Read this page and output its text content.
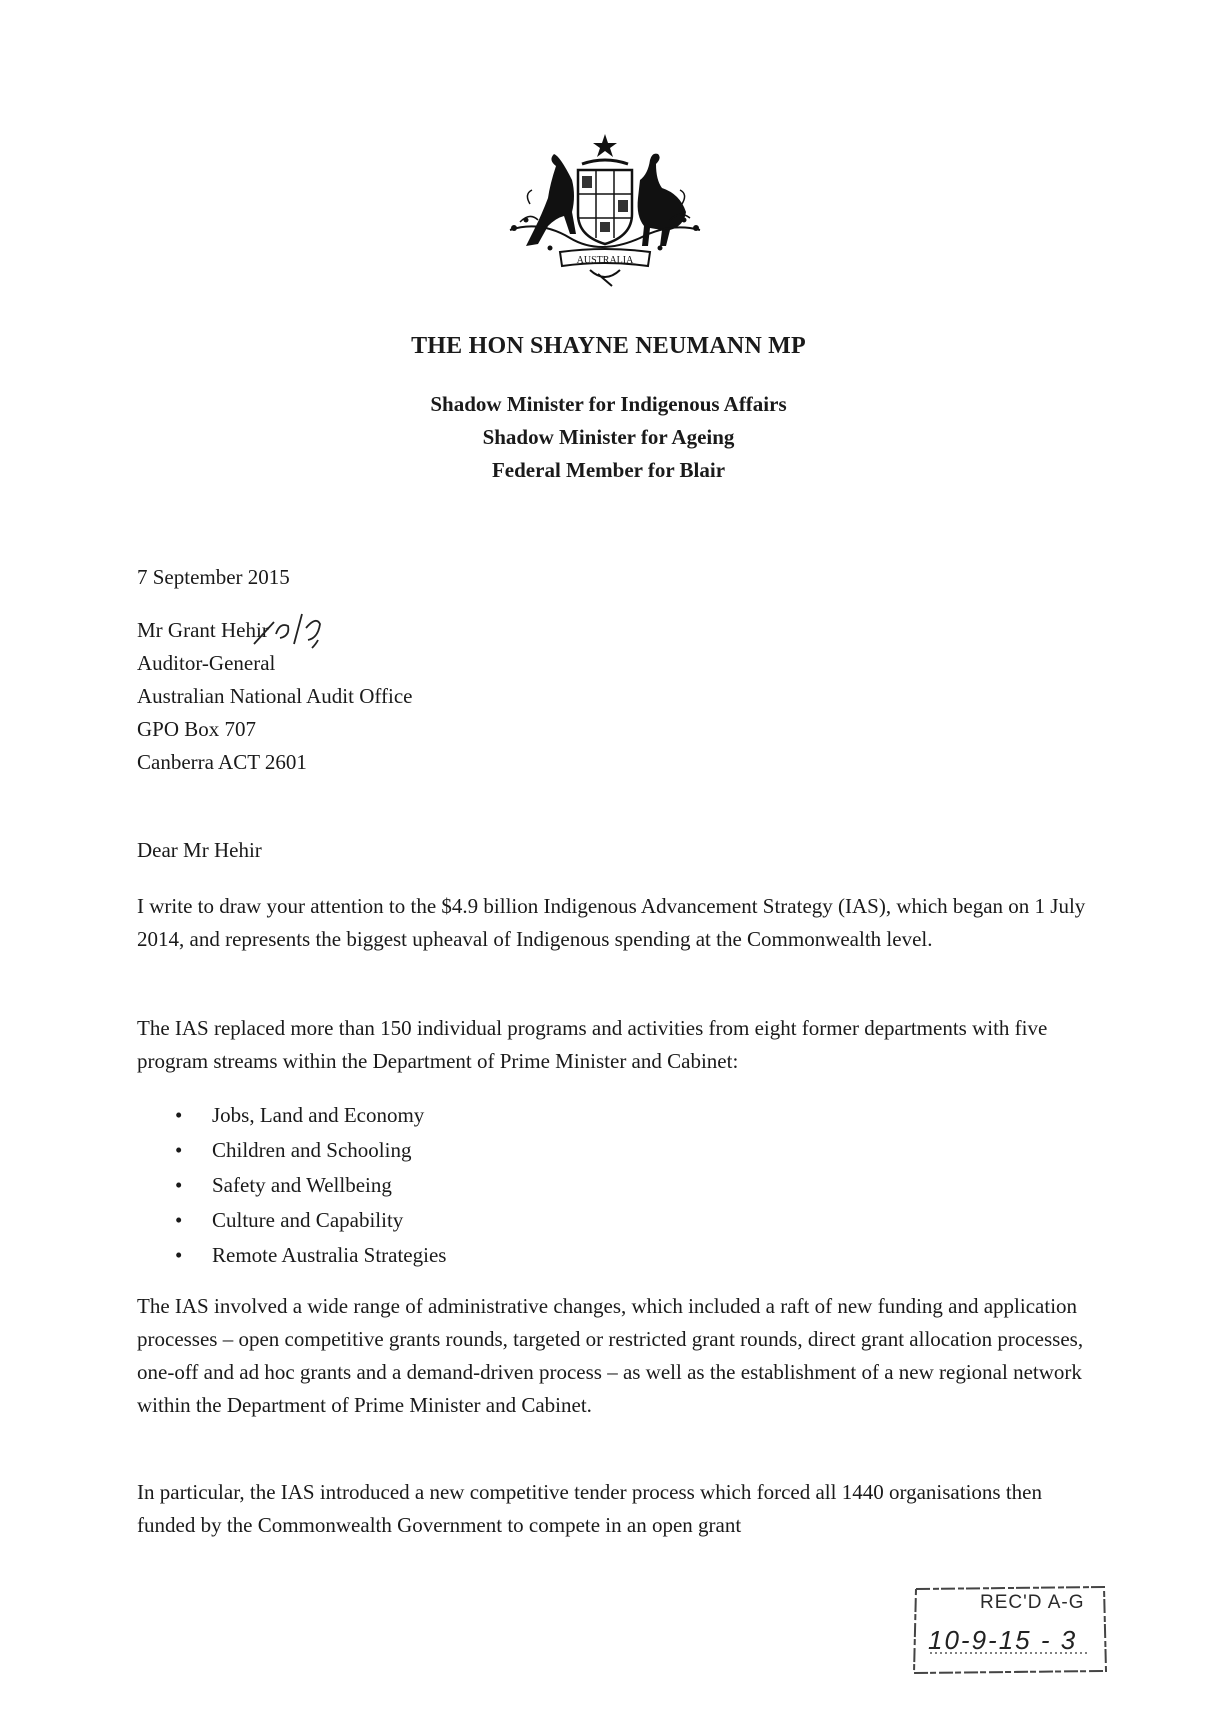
AUSTRALIA
THE HON SHAYNE NEUMANN MP
Shadow Minister for Indigenous Affairs
Shadow Minister for Ageing
Federal Member for Blair
7 September 2015
Mr Grant Hehir
Auditor-General
Australian National Audit Office
GPO Box 707
Canberra ACT 2601
Dear Mr Hehir
I write to draw your attention to the $4.9 billion Indigenous Advancement Strategy (IAS), which began on 1 July 2014, and represents the biggest upheaval of Indigenous spending at the Commonwealth level.
The IAS replaced more than 150 individual programs and activities from eight former departments with five program streams within the Department of Prime Minister and Cabinet:
• Jobs, Land and Economy
• Children and Schooling
• Safety and Wellbeing
• Culture and Capability
• Remote Australia Strategies
The IAS involved a wide range of administrative changes, which included a raft of new funding and application processes – open competitive grants rounds, targeted or restricted grant rounds, direct grant allocation processes, one-off and ad hoc grants and a demand-driven process – as well as the establishment of a new regional network within the Department of Prime Minister and Cabinet.
In particular, the IAS introduced a new competitive tender process which forced all 1440 organisations then funded by the Commonwealth Government to compete in an open grant
REC'D A-G
10-9-15 - 3
